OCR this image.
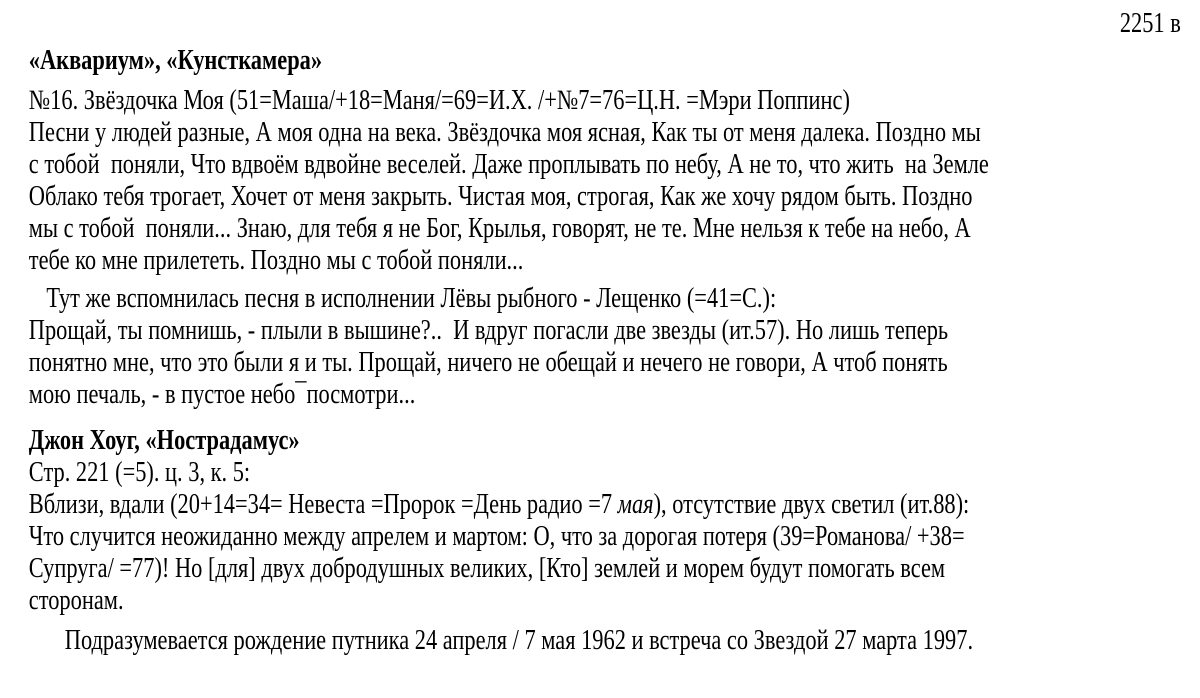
2251 в
«Аквариум», «Кунсткамера»
№16. Звёздочка Моя (51=Маша/+18=Маня/=69=И.Х. /+№7=76=Ц.Н. =Мэри Поппинс)
Песни у людей разные, А моя одна на века. Звёздочка моя ясная, Как ты от меня далека. Поздно мы
с тобой  поняли, Что вдвоём вдвойне веселей. Даже проплывать по небу, А не то, что жить  на Земле
Облако тебя трогает, Хочет от меня закрыть. Чистая моя, строгая, Как же хочу рядом быть. Поздно
мы с тобой  поняли... Знаю, для тебя я не Бог, Крылья, говорят, не те. Мне нельзя к тебе на небо, А
тебе ко мне прилететь. Поздно мы с тобой поняли...
Тут же вспомнилась песня в исполнении Лёвы рыбного - Лещенко (=41=С.):
Прощай, ты помнишь, - плыли в вышине?..  И вдруг погасли две звезды (ит.57). Но лишь теперь
понятно мне, что это были я и ты. Прощай, ничего не обещай и нечего не говори, А чтоб понять
мою печаль, - в пустое небо¯посмотри...
Джон Хоуг, «Нострадамус»
Стр. 221 (=5). ц. 3, к. 5:
Вблизи, вдали (20+14=34= Невеста =Пророк =День радио =7 мая), отсутствие двух светил (ит.88):
Что случится неожиданно между апрелем и мартом: О, что за дорогая потеря (39=Романова/ +38=
Супруга/ =77)! Но [для] двух добродушных великих, [Кто] землей и морем будут помогать всем
сторонам.
Подразумевается рождение путника 24 апреля / 7 мая 1962 и встреча со Звездой 27 марта 1997.
